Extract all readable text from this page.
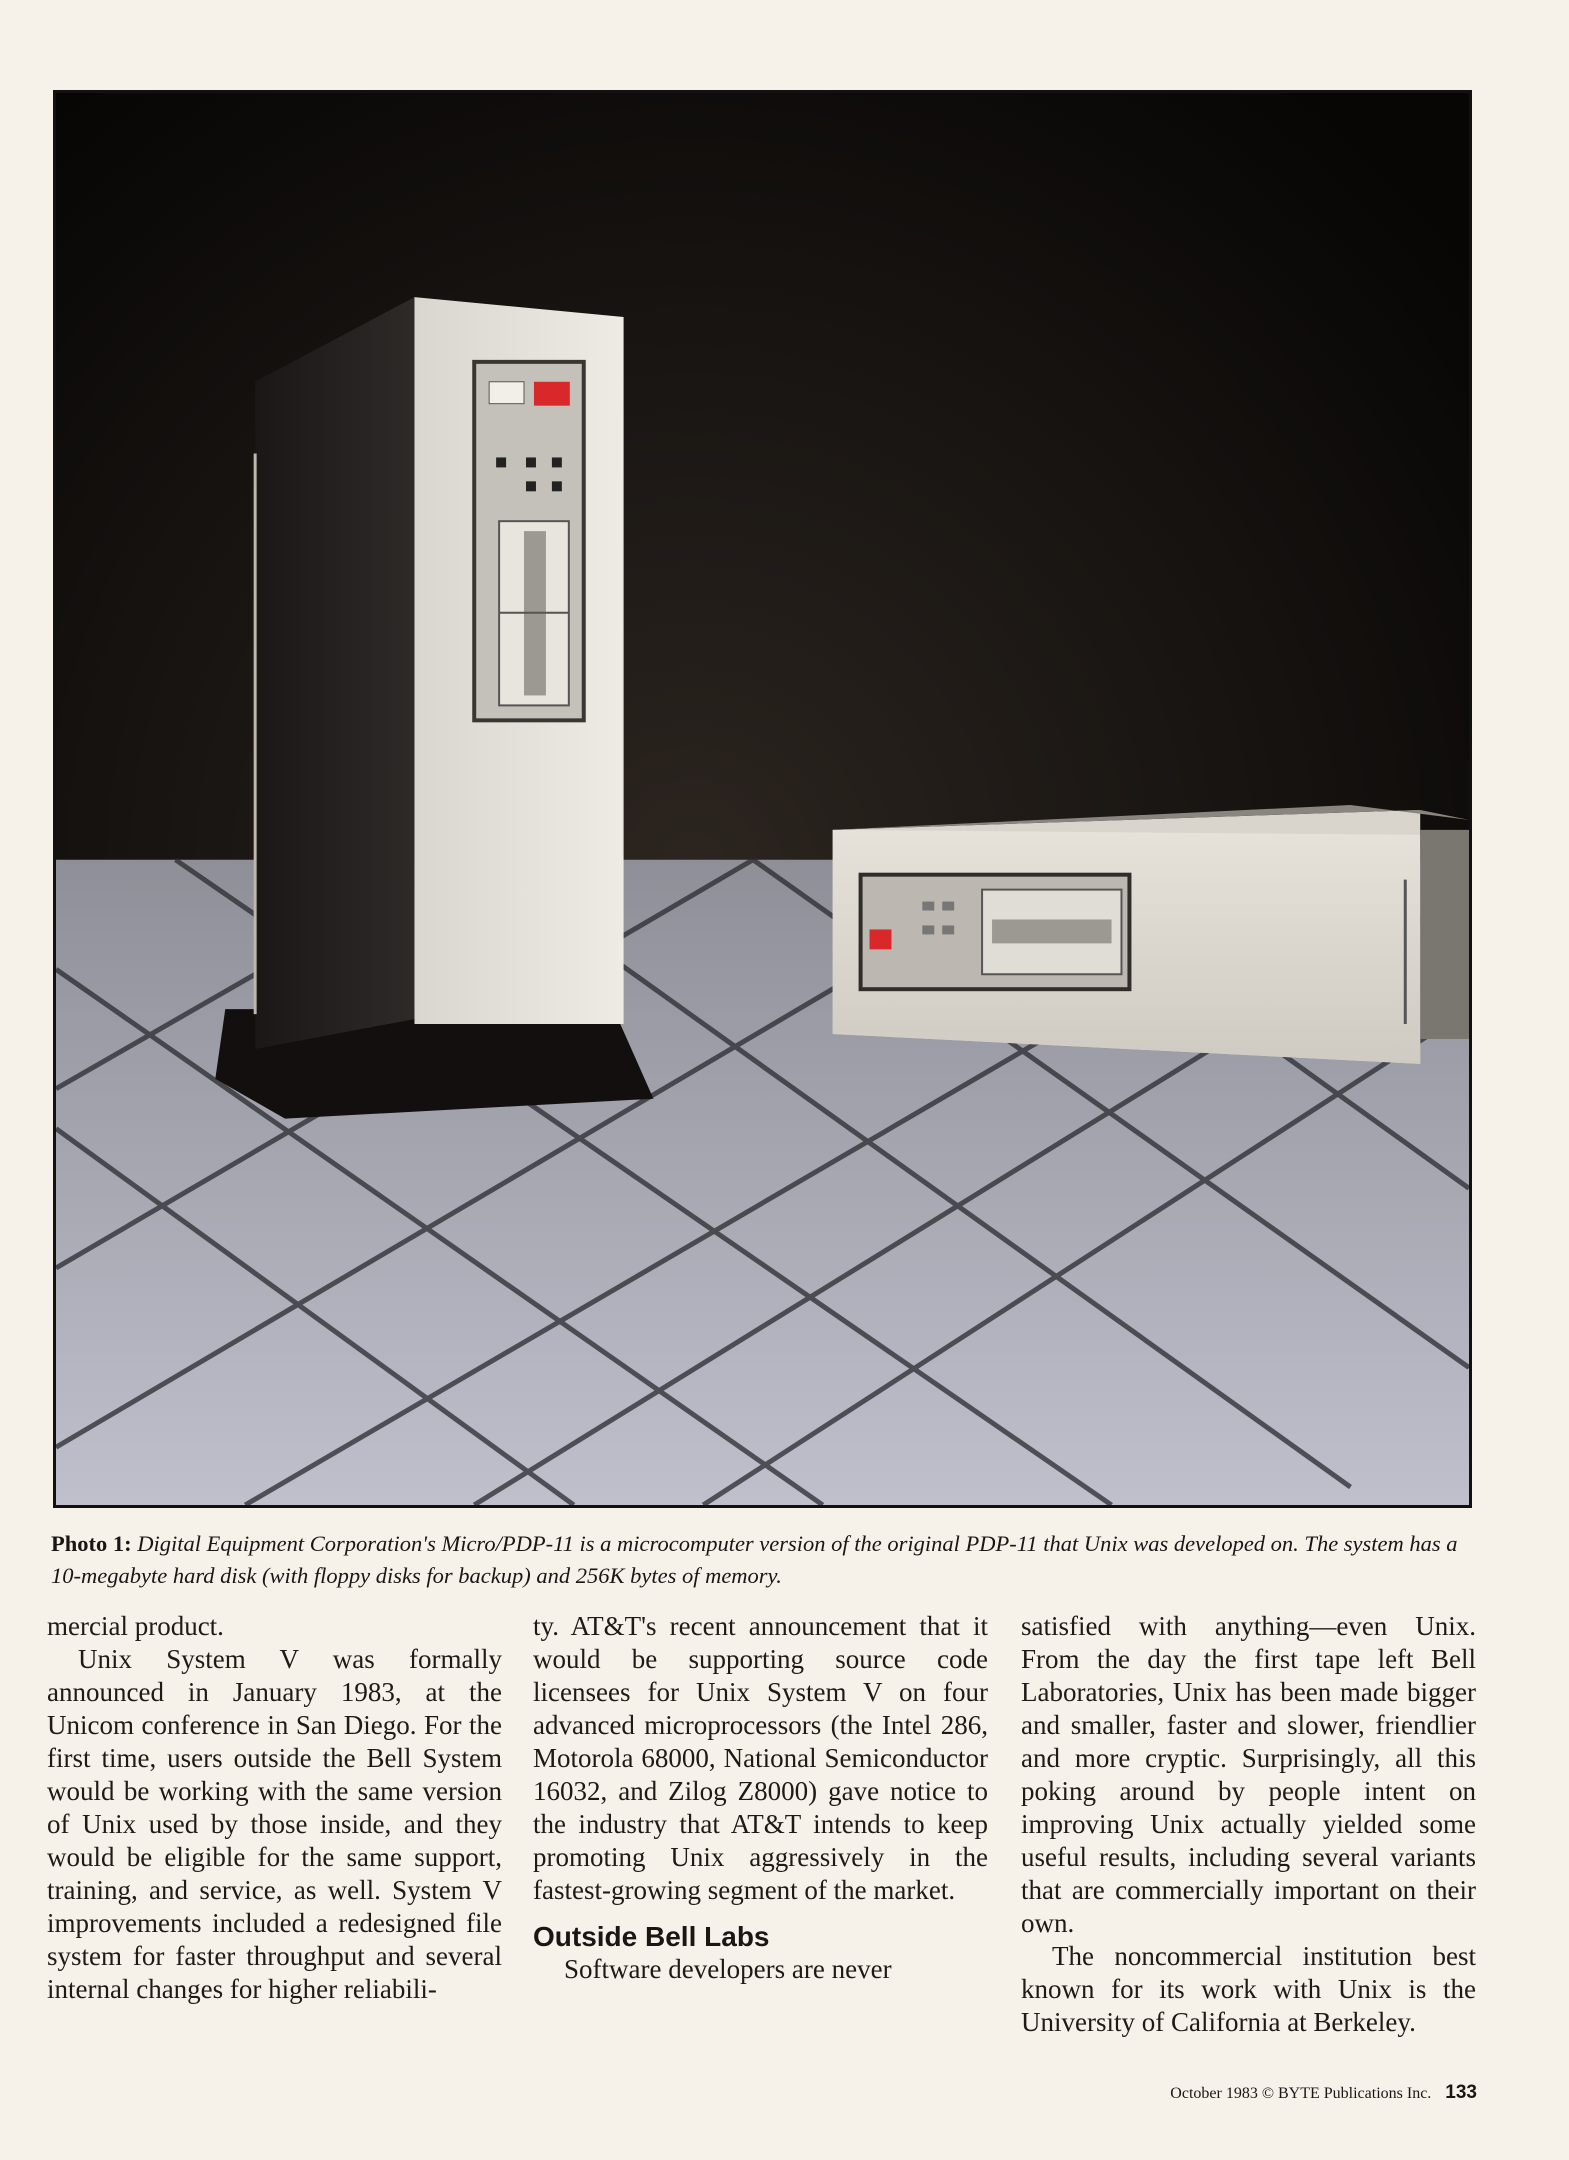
Photo 1: Digital Equipment Corporation's Micro/PDP-11 is a microcomputer version of the original PDP-11 that Unix was developed on. The system has a 10-megabyte hard disk (with floppy disks for backup) and 256K bytes of memory.

mercial product.

Unix System V was formally announced in January 1983, at the Unicom conference in San Diego. For the first time, users outside the Bell System would be working with the same version of Unix used by those inside, and they would be eligible for the same support, training, and service, as well. System V improvements included a redesigned file system for faster throughput and several internal changes for higher reliabili-

ty. AT&T's recent announcement that it would be supporting source code licensees for Unix System V on four advanced microprocessors (the Intel 286, Motorola 68000, National Semiconductor 16032, and Zilog Z8000) gave notice to the industry that AT&T intends to keep promoting Unix aggressively in the fastest-growing segment of the market.

Outside Bell Labs

Software developers are never

satisfied with anything—even Unix. From the day the first tape left Bell Laboratories, Unix has been made bigger and smaller, faster and slower, friendlier and more cryptic. Surprisingly, all this poking around by people intent on improving Unix actually yielded some useful results, including several variants that are commercially important on their own.

The noncommercial institution best known for its work with Unix is the University of California at Berkeley.

October 1983 © BYTE Publications Inc. 133
